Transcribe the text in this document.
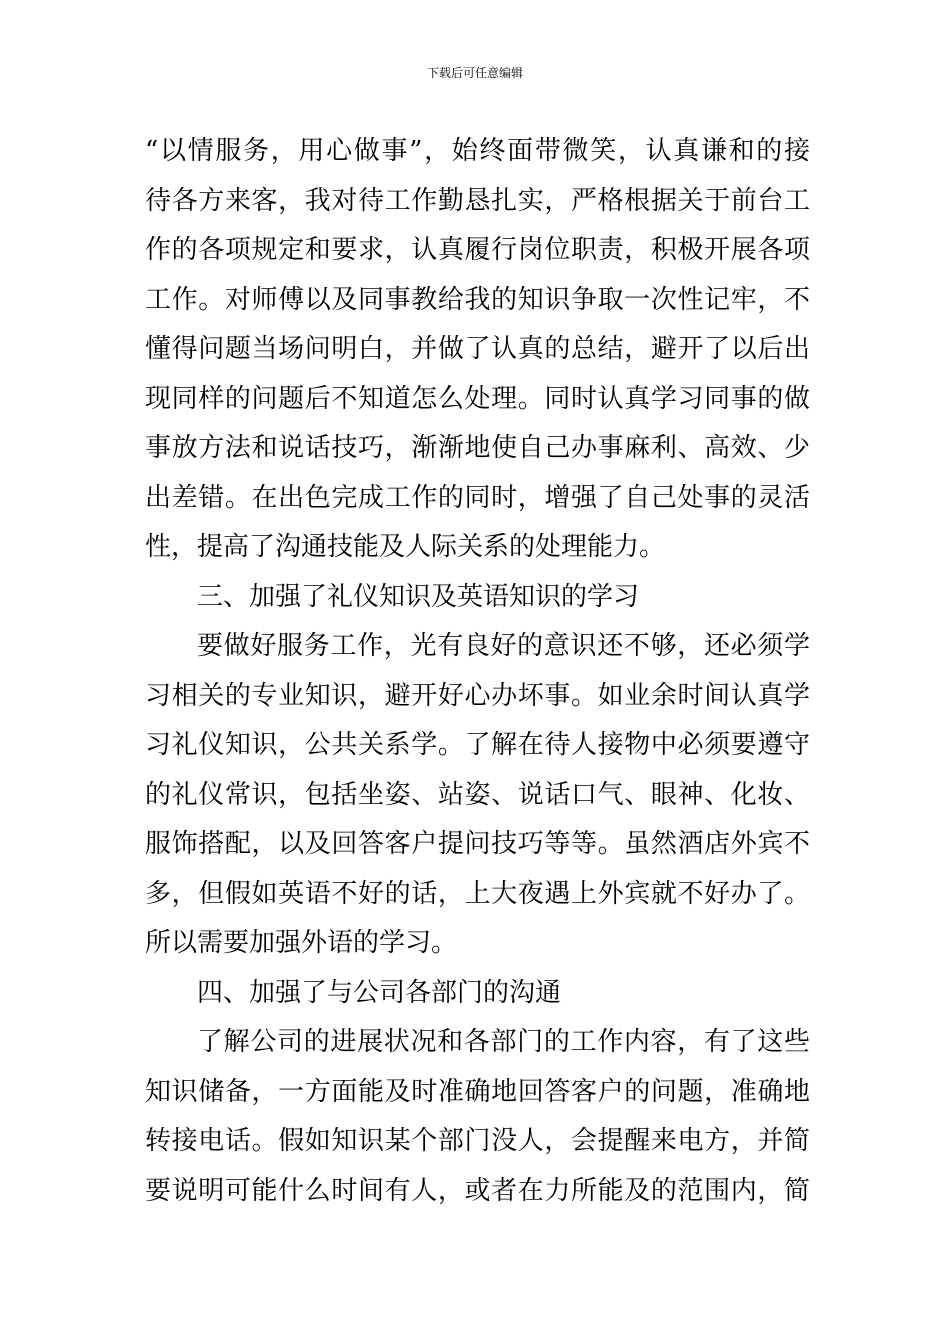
下载后可任意编辑
“以情服务，用心做事”，始终面带微笑，认真谦和的接
待各方来客，我对待工作勤恳扎实，严格根据关于前台工
作的各项规定和要求，认真履行岗位职责，积极开展各项
工作。对师傅以及同事教给我的知识争取一次性记牢，不
懂得问题当场问明白，并做了认真的总结，避开了以后出
现同样的问题后不知道怎么处理。同时认真学习同事的做
事放方法和说话技巧，渐渐地使自己办事麻利、高效、少
出差错。在出色完成工作的同时，增强了自己处事的灵活
性，提高了沟通技能及人际关系的处理能力。
三、加强了礼仪知识及英语知识的学习
要做好服务工作，光有良好的意识还不够，还必须学
习相关的专业知识，避开好心办坏事。如业余时间认真学
习礼仪知识，公共关系学。了解在待人接物中必须要遵守
的礼仪常识，包括坐姿、站姿、说话口气、眼神、化妆、
服饰搭配，以及回答客户提问技巧等等。虽然酒店外宾不
多，但假如英语不好的话，上大夜遇上外宾就不好办了。
所以需要加强外语的学习。
四、加强了与公司各部门的沟通
了解公司的进展状况和各部门的工作内容，有了这些
知识储备，一方面能及时准确地回答客户的问题，准确地
转接电话。假如知识某个部门没人，会提醒来电方，并简
要说明可能什么时间有人，或者在力所能及的范围内，简
